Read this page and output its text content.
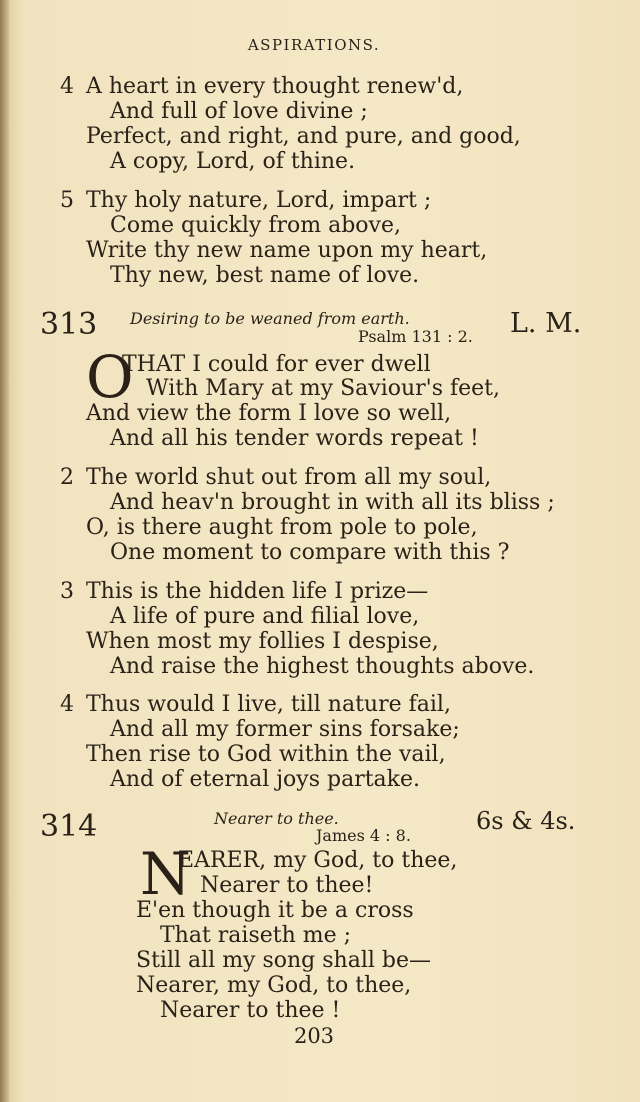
ASPIRATIONS.
4 A heart in every thought renew'd,
And full of love divine ;
Perfect, and right, and pure, and good,
A copy, Lord, of thine.
5 Thy holy nature, Lord, impart ;
Come quickly from above,
Write thy new name upon my heart,
Thy new, best name of love.
313 Desiring to be weaned from earth.
Psalm 131 : 2. L. M.
O
THAT I could for ever dwell
With Mary at my Saviour's feet,
And view the form I love so well,
And all his tender words repeat !
2 The world shut out from all my soul,
And heav'n brought in with all its bliss ;
O, is there aught from pole to pole,
One moment to compare with this ?
3 This is the hidden life I prize—
A life of pure and filial love,
When most my follies I despise,
And raise the highest thoughts above.
4 Thus would I live, till nature fail,
And all my former sins forsake;
Then rise to God within the vail,
And of eternal joys partake.
314	Nearer to thee.
James 4 : 8.
6s & 4s.
N
EARER, my God, to thee,
Nearer to thee!
E'en though it be a cross
That raiseth me ;
Still all my song shall be—
Nearer, my God, to thee,
Nearer to thee !
203
